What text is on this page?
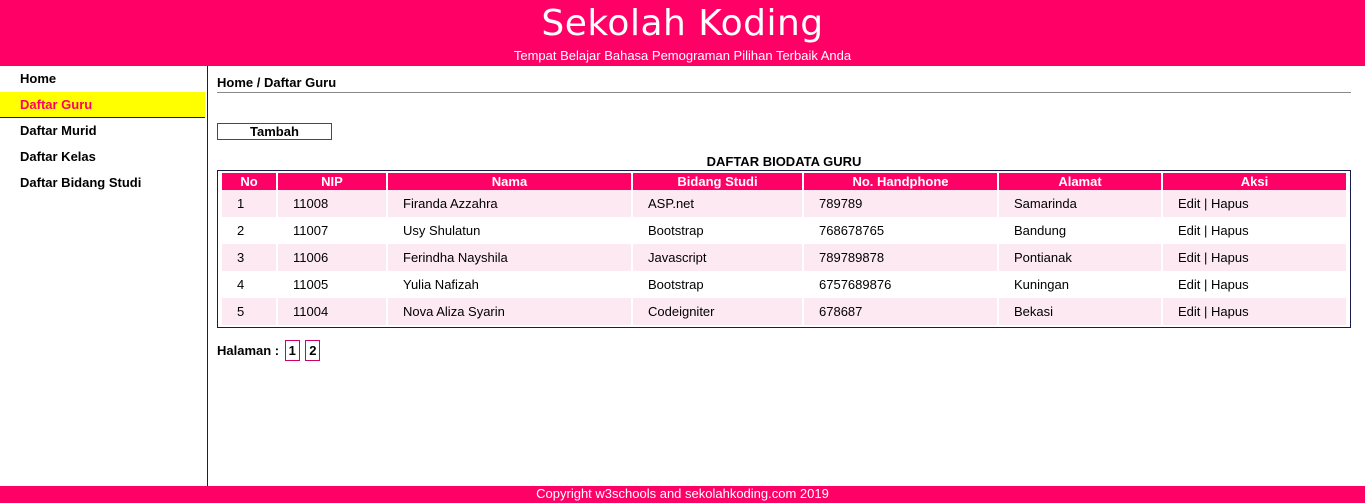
Sekolah Koding
Tempat Belajar Bahasa Pemograman Pilihan Terbaik Anda
Home
Daftar Guru
Daftar Murid
Daftar Kelas
Daftar Bidang Studi
Home / Daftar Guru
Tambah
DAFTAR BIODATA GURU
No	NIP	Nama	Bidang Studi	No. Handphone	Alamat	Aksi
1	11008	Firanda Azzahra	ASP.net	789789	Samarinda	Edit | Hapus
2	11007	Usy Shulatun	Bootstrap	768678765	Bandung	Edit | Hapus
3	11006	Ferindha Nayshila	Javascript	789789878	Pontianak	Edit | Hapus
4	11005	Yulia Nafizah	Bootstrap	6757689876	Kuningan	Edit | Hapus
5	11004	Nova Aliza Syarin	Codeigniter	678687	Bekasi	Edit | Hapus
Halaman : 1 2
Copyright w3schools and sekolahkoding.com 2019
